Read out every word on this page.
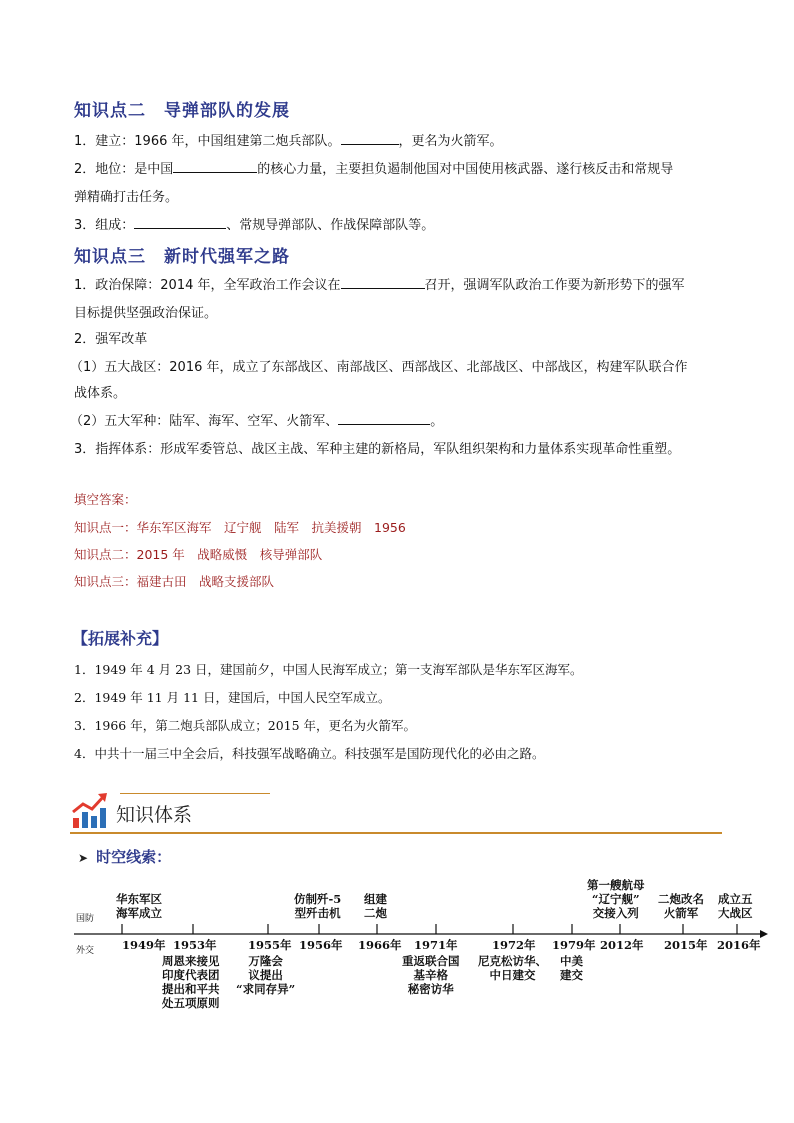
知识点二　导弹部队的发展
1．建立：1966 年，中国组建第二炮兵部队。	，更名为火箭军。
2．地位：是中国	的核心力量，主要担负遏制他国对中国使用核武器、遂行核反击和常规导
弹精确打击任务。
3．组成：	、常规导弹部队、作战保障部队等。
知识点三　新时代强军之路
1．政治保障：2014 年，全军政治工作会议在	召开，强调军队政治工作要为新形势下的强军
目标提供坚强政治保证。
2．强军改革
（1）五大战区：2016 年，成立了东部战区、南部战区、西部战区、北部战区、中部战区，构建军队联合作
战体系。
（2）五大军种：陆军、海军、空军、火箭军、	。
3．指挥体系：形成军委管总、战区主战、军种主建的新格局，军队组织架构和力量体系实现革命性重塑。
填空答案：
知识点一：华东军区海军　辽宁舰　陆军　抗美援朝　1956
知识点二：2015 年　战略威慑　核导弹部队
知识点三：福建古田　战略支援部队
【拓展补充】
1．1949 年 4 月 23 日，建国前夕，中国人民海军成立；第一支海军部队是华东军区海军。
2．1949 年 11 月 11 日，建国后，中国人民空军成立。
3．1966 年，第二炮兵部队成立；2015 年，更名为火箭军。
4．中共十一届三中全会后，科技强军战略确立。科技强军是国防现代化的必由之路。
知识体系
➤ 时空线索：
国防
外交 1949年 1953年	1955年 1956年 1966年 1971年	1972年 1979年 2012年 2015年 2016年
华东军区
海军成立
仿制歼-5
型歼击机
组建
二炮
第一艘航母
“辽宁舰”
交接入列
二炮改名
火箭军
成立五
大战区
周恩来接见
印度代表团
提出和平共
处五项原则
万隆会
议提出
“求同存异”
重返联合国
基辛格
秘密访华
尼克松访华、
中日建交
中美
建交
